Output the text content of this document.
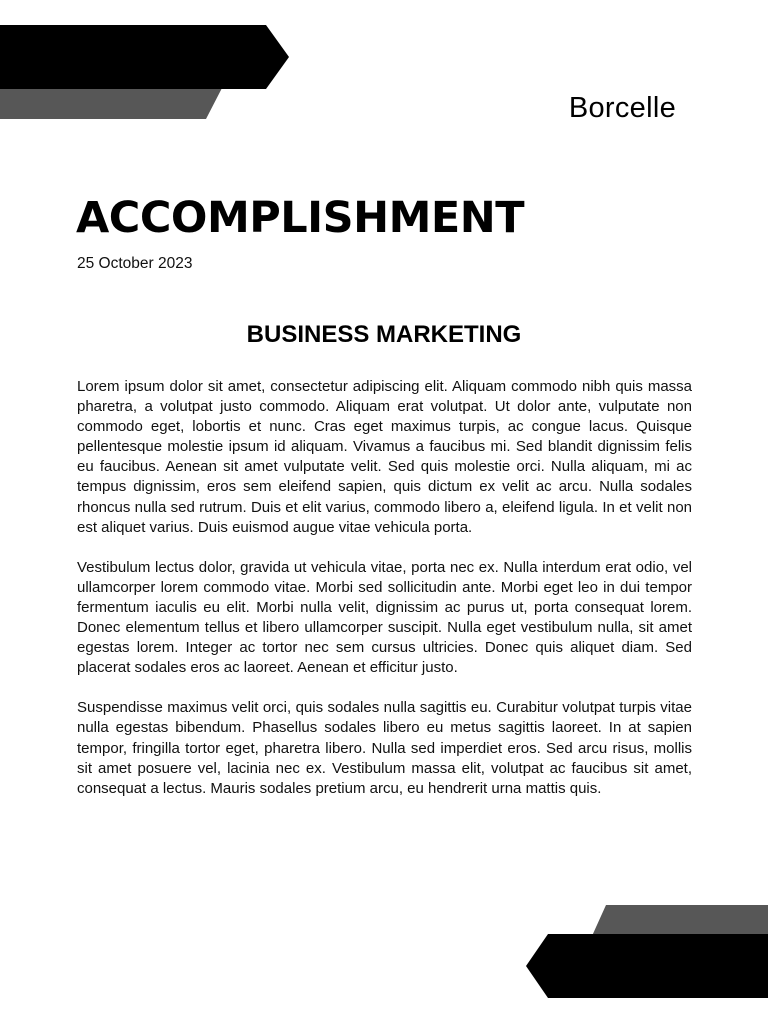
Borcelle
ACCOMPLISHMENT
25 October 2023
BUSINESS MARKETING

Lorem ipsum dolor sit amet, consectetur adipiscing elit. Aliquam commodo nibh quis massa pharetra, a volutpat justo commodo. Aliquam erat volutpat. Ut dolor ante, vulputate non commodo eget, lobortis et nunc. Cras eget maximus turpis, ac congue lacus. Quisque pellentesque molestie ipsum id aliquam. Vivamus a faucibus mi. Sed blandit dignissim felis eu faucibus. Aenean sit amet vulputate velit. Sed quis molestie orci. Nulla aliquam, mi ac tempus dignissim, eros sem eleifend sapien, quis dictum ex velit ac arcu. Nulla sodales rhoncus nulla sed rutrum. Duis et elit varius, commodo libero a, eleifend ligula. In et velit non est aliquet varius. Duis euismod augue vitae vehicula porta.

Vestibulum lectus dolor, gravida ut vehicula vitae, porta nec ex. Nulla interdum erat odio, vel ullamcorper lorem commodo vitae. Morbi sed sollicitudin ante. Morbi eget leo in dui tempor fermentum iaculis eu elit. Morbi nulla velit, dignissim ac purus ut, porta consequat lorem. Donec elementum tellus et libero ullamcorper suscipit. Nulla eget vestibulum nulla, sit amet egestas lorem. Integer ac tortor nec sem cursus ultricies. Donec quis aliquet diam. Sed placerat sodales eros ac laoreet. Aenean et efficitur justo.

Suspendisse maximus velit orci, quis sodales nulla sagittis eu. Curabitur volutpat turpis vitae nulla egestas bibendum. Phasellus sodales libero eu metus sagittis laoreet. In at sapien tempor, fringilla tortor eget, pharetra libero. Nulla sed imperdiet eros. Sed arcu risus, mollis sit amet posuere vel, lacinia nec ex. Vestibulum massa elit, volutpat ac faucibus sit amet, consequat a lectus. Mauris sodales pretium arcu, eu hendrerit urna mattis quis.
